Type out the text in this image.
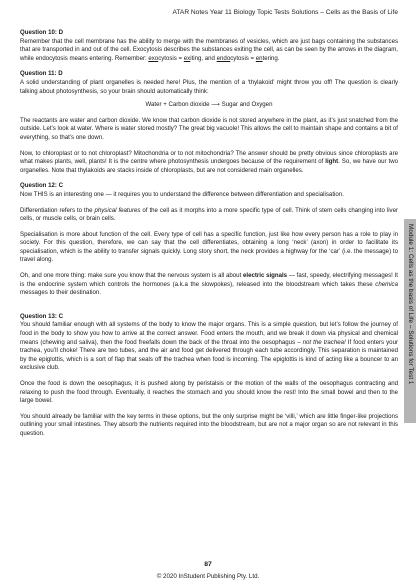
ATAR Notes Year 11 Biology Topic Tests Solutions – Cells as the Basis of Life
Module 1: Cells as the basis of Life – Solutions for Test 1

Question 10: D

Remember that the cell membrane has the ability to merge with the membranes of vesicles, which are just bags containing the substances that are transported in and out of the cell. Exocytosis describes the substances exiting the cell, as can be seen by the arrows in the diagram, while endocytosis means entering. Remember: exocytosis = exiting, and endocytosis = entering.

Question 11: D

A solid understanding of plant organelles is needed here! Plus, the mention of a ‘thylakoid’ might throw you off! The question is clearly talking about photosynthesis, so your brain should automatically think:

Water + Carbon dioxide ⟶ Sugar and Oxygen

The reactants are water and carbon dioxide. We know that carbon dioxide is not stored anywhere in the plant, as it’s just snatched from the outside. Let’s look at water. Where is water stored mostly? The great big vacuole! This allows the cell to maintain shape and contains a bit of everything, so that’s one down.

Now, to chloroplast or to not chloroplast? Mitochondria or to not mitochondria? The answer should be pretty obvious since chloroplasts are what makes plants, well, plants! It is the centre where photosynthesis undergoes because of the requirement of light. So, we have our two organelles. Note that thylakoids are stacks inside of chloroplasts, but are not considered main organelles.

Question 12: C

Now THIS is an interesting one — it requires you to understand the difference between differentiation and specialisation.

Differentiation refers to the physical features of the cell as it morphs into a more specific type of cell. Think of stem cells changing into liver cells, or muscle cells, or brain cells.

Specialisation is more about function of the cell. Every type of cell has a specific function, just like how every person has a role to play in society. For this question, therefore, we can say that the cell differentiates, obtaining a long ‘neck’ (axon) in order to facilitate its specialisation, which is the ability to transfer signals quickly. Long story short, the neck provides a highway for the ‘car’ (i.e. the message) to travel along.

Oh, and one more thing: make sure you know that the nervous system is all about electric signals — fast, speedy, electrifying messages! It is the endocrine system which controls the hormones (a.k.a the slowpokes), released into the bloodstream which takes these chemica messages to their destination.

Question 13: C

You should familiar enough with all systems of the body to know the major organs. This is a simple question, but let’s follow the journey of food in the body to show you how to arrive at the correct answer. Food enters the mouth, and we break it down via physical and chemical means (chewing and saliva), then the food freefalls down the back of the throat into the oesophagus – not the trachea! If food enters your trachea, you’ll choke! There are two tubes, and the air and food get delivered through each tube accordingly. This separation is maintained by the epiglottis, which is a sort of flap that seals off the trachea when food is incoming. The epiglottis is kind of acting like a bouncer to an exclusive club.

Once the food is down the oesophagus, it is pushed along by peristalsis or the motion of the walls of the oesophagus contracting and relaxing to push the food through. Eventually, it reaches the stomach and you should know the rest! Into the small bowel and then to the large bowel.

You should already be familiar with the key terms in these options, but the only surprise might be ‘villi,’ which are little finger-like projections outlining your small intestines. They absorb the nutrients required into the bloodstream, but are not a major organ so are not relevant in this question.

87
© 2020 InStudent Publishing Pty. Ltd.
